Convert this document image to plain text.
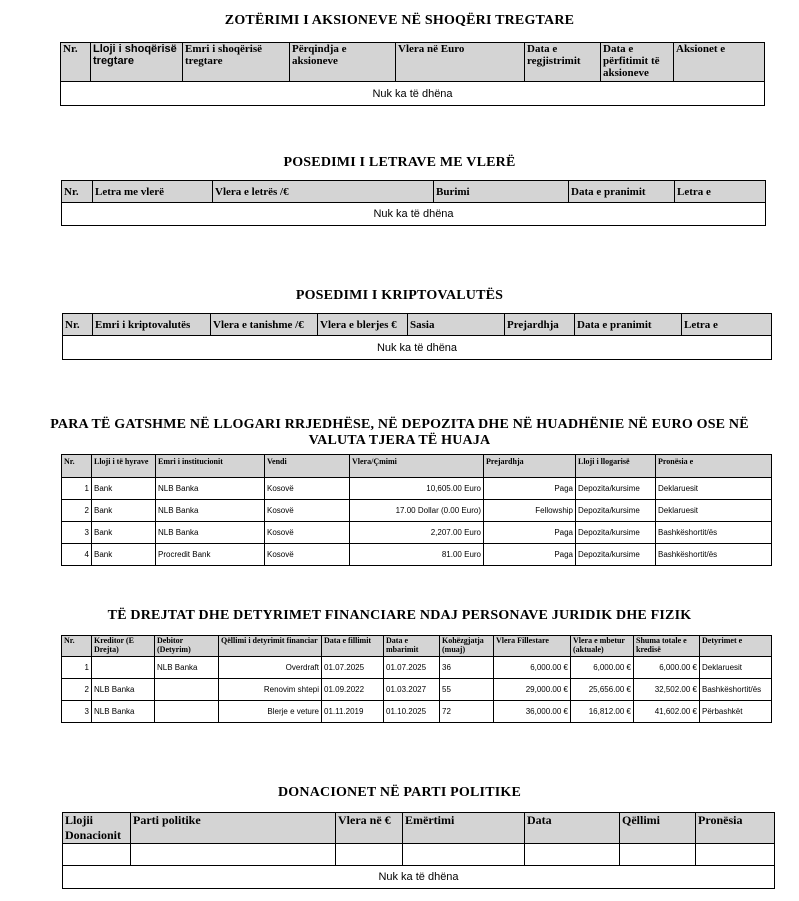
ZOTËRIMI I AKSIONEVE NË SHOQËRI TREGTARE
Nr.	Lloji i shoqërisë tregtare	Emri i shoqërisë tregtare	Përqindja e aksioneve	Vlera në Euro	Data e regjistrimit	Data e përfitimit të aksioneve	Aksionet e
Nuk ka të dhëna
POSEDIMI I LETRAVE ME VLERË
Nr.	Letra me vlerë	Vlera e letrës /€	Burimi	Data e pranimit	Letra e
Nuk ka të dhëna
POSEDIMI I KRIPTOVALUTËS
Nr.	Emri i kriptovalutës	Vlera e tanishme /€	Vlera e blerjes €	Sasia	Prejardhja	Data e pranimit	Letra e
Nuk ka të dhëna
PARA TË GATSHME NË LLOGARI RRJEDHËSE, NË DEPOZITA DHE NË HUADHËNIE NË EURO OSE NË
VALUTA TJERA TË HUAJA
Nr.	Lloji i të hyrave	Emri i institucionit	Vendi	Vlera/Çmimi	Prejardhja	Lloji i llogarisë	Pronësia e
1	Bank	NLB Banka	Kosovë	10,605.00 Euro	Paga	Depozita/kursime	Deklaruesit
2	Bank	NLB Banka	Kosovë	17.00 Dollar (0.00 Euro)	Fellowship	Depozita/kursime	Deklaruesit
3	Bank	NLB Banka	Kosovë	2,207.00 Euro	Paga	Depozita/kursime	Bashkëshortit/ës
4	Bank	Procredit Bank	Kosovë	81.00 Euro	Paga	Depozita/kursime	Bashkëshortit/ës
TË DREJTAT DHE DETYRIMET FINANCIARE NDAJ PERSONAVE JURIDIK DHE FIZIK
Nr.	Kreditor (E Drejta)	Debitor (Detyrim)	Qëllimi i detyrimit financiar	Data e fillimit	Data e mbarimit	Kohëzgjatja (muaj)	Vlera Fillestare	Vlera e mbetur (aktuale)	Shuma totale e kredisë	Detyrimet e
1		NLB Banka	Overdraft	01.07.2025	01.07.2025	36	6,000.00 €	6,000.00 €	6,000.00 €	Deklaruesit
2	NLB Banka		Renovim shtepi	01.09.2022	01.03.2027	55	29,000.00 €	25,656.00 €	32,502.00 €	Bashkëshortit/ës
3	NLB Banka		Blerje e veture	01.11.2019	01.10.2025	72	36,000.00 €	16,812.00 €	41,602.00 €	Përbashkët
DONACIONET NË PARTI POLITIKE
Llojii Donacionit	Parti politike	Vlera në €	Emërtimi	Data	Qëllimi	Pronësia

Nuk ka të dhëna						
